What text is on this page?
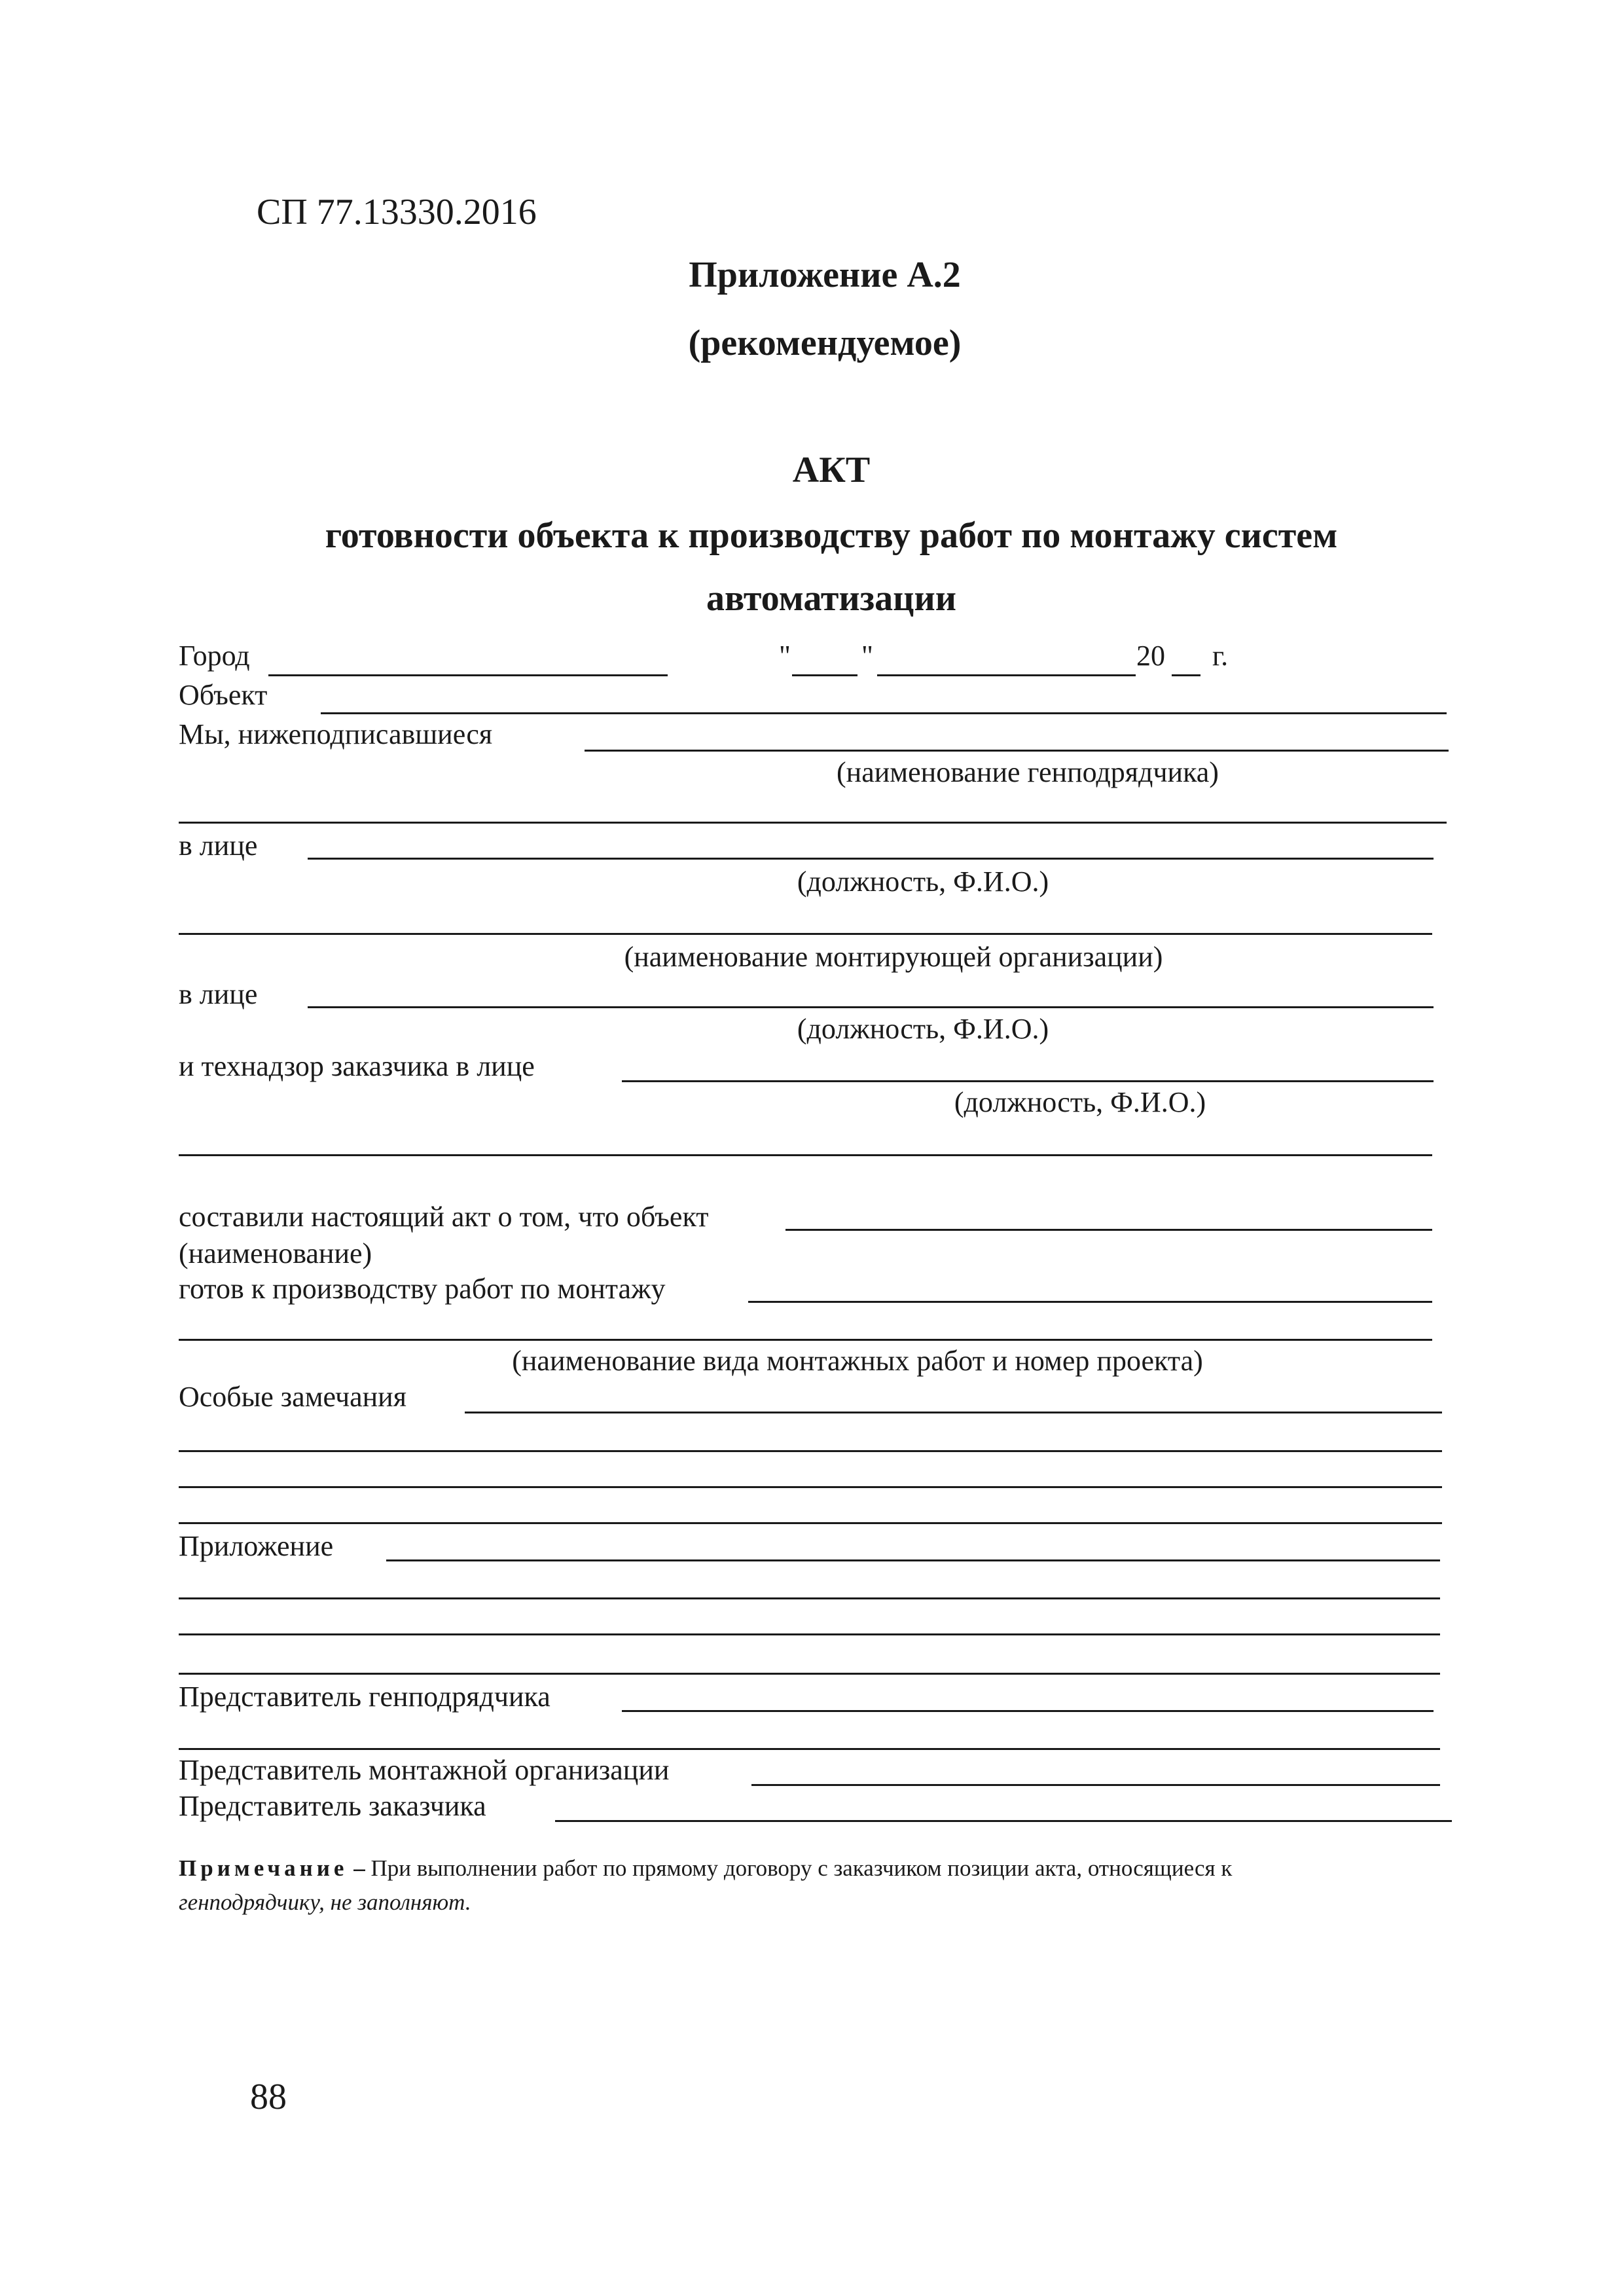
СП 77.13330.2016
Приложение А.2
(рекомендуемое)
АКТ
готовности объекта к производству работ по монтажу систем
автоматизации
Город	" "	20 г.
Объект
Мы, нижеподписавшиеся
(наименование генподрядчика)
в лице
(должность, Ф.И.О.)
(наименование монтирующей организации)
в лице
(должность, Ф.И.О.)
и технадзор заказчика в лице
(должность, Ф.И.О.)
составили настоящий акт о том, что объект
(наименование)
готов к производству работ по монтажу
(наименование вида монтажных работ и номер проекта)
Особые замечания
Приложение
Представитель генподрядчика
Представитель монтажной организации
Представитель заказчика
Примечание – При выполнении работ по прямому договору с заказчиком позиции акта, относящиеся к
генподрядчику, не заполняют.
88
